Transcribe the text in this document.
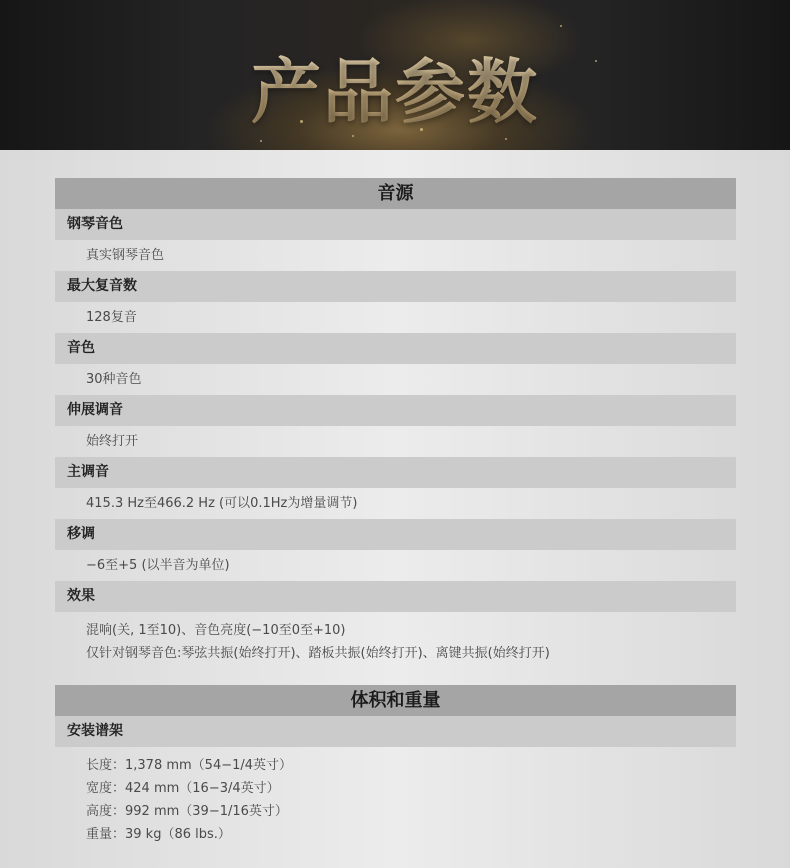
产品参数
音源
钢琴音色
真实钢琴音色
最大复音数
128复音
音色
30种音色
伸展调音
始终打开
主调音
415.3 Hz至466.2 Hz (可以0.1Hz为增量调节)
移调
−6至+5 (以半音为单位)
效果
混响(关, 1至10)、音色亮度(−10至0至+10)
仅针对钢琴音色:琴弦共振(始终打开)、踏板共振(始终打开)、离键共振(始终打开)
体积和重量
安装谱架
长度：1,378 mm（54−1/4英寸）
宽度：424 mm（16−3/4英寸）
高度：992 mm（39−1/16英寸）
重量：39 kg（86 lbs.）
